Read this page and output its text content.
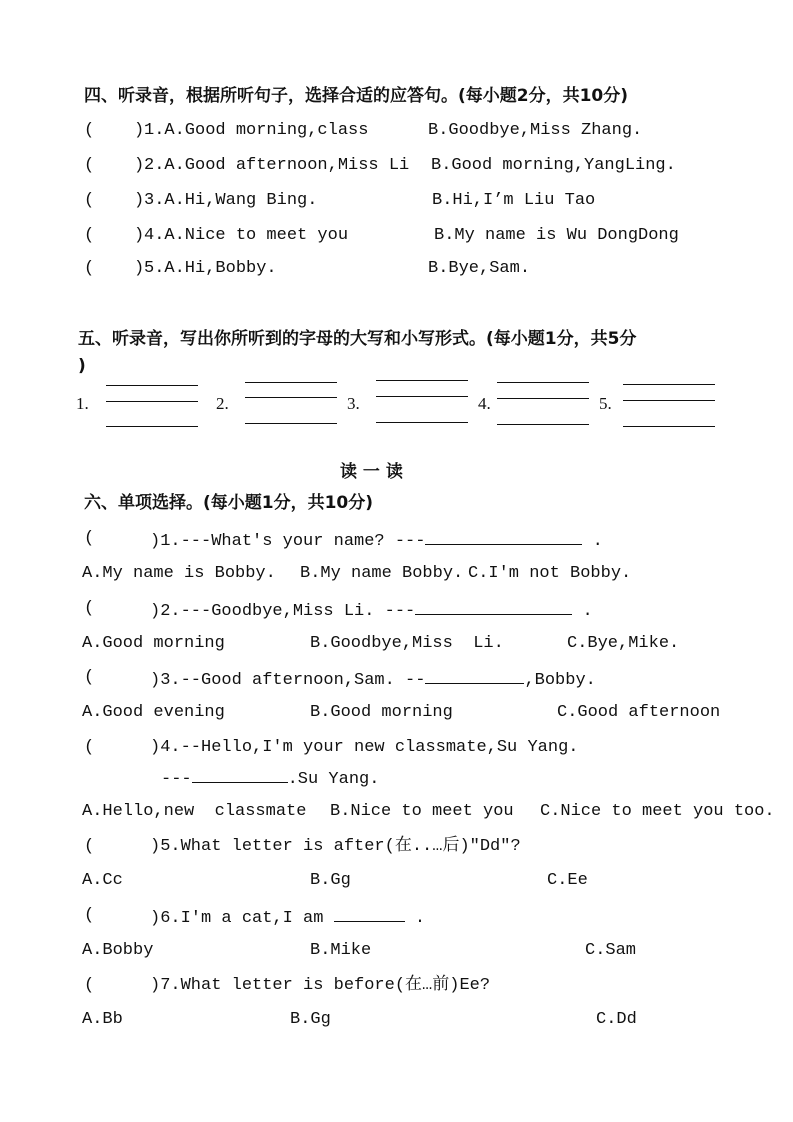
四、听录音，根据所听句子，选择合适的应答句。(每小题2分，共10分)
( ) 1.A.Good morning,class	B.Goodbye,Miss Zhang.
( ) 2.A.Good afternoon,Miss Li B.Good morning,YangLing.
( ) 3.A.Hi,Wang Bing.	B.Hi,I’m Liu Tao
( ) 4.A.Nice to meet you	B.My name is Wu DongDong
( ) 5.A.Hi,Bobby.	B.Bye,Sam.
五、听录音，写出你所听到的字母的大写和小写形式。(每小题1分，共5分
)
1.	2.	3.	4.	5.
读 一 读
六、单项选择。(每小题1分，共10分)
(	)1.---What's your name? ---	.
A.My name is Bobby. B.My name Bobby. C.I'm not Bobby.
(	)2.---Goodbye,Miss Li. ---	.
A.Good morning	B.Goodbye,Miss  Li.	C.Bye,Mike.
(	)3.--Good afternoon,Sam. --	,Bobby.
A.Good evening	B.Good morning	C.Good afternoon
(	)4.--Hello,I'm your new classmate,Su Yang.
---	.Su Yang.
A.Hello,new  classmate B.Nice to meet you C.Nice to meet you too.
(	)5.What letter is after(在..…后)"Dd"?
A.Cc	B.Gg	C.Ee
(	)6.I'm a cat,I am	.
A.Bobby	B.Mike	C.Sam
(	)7.What letter is before(在…前)Ee?
A.Bb	B.Gg	C.Dd
